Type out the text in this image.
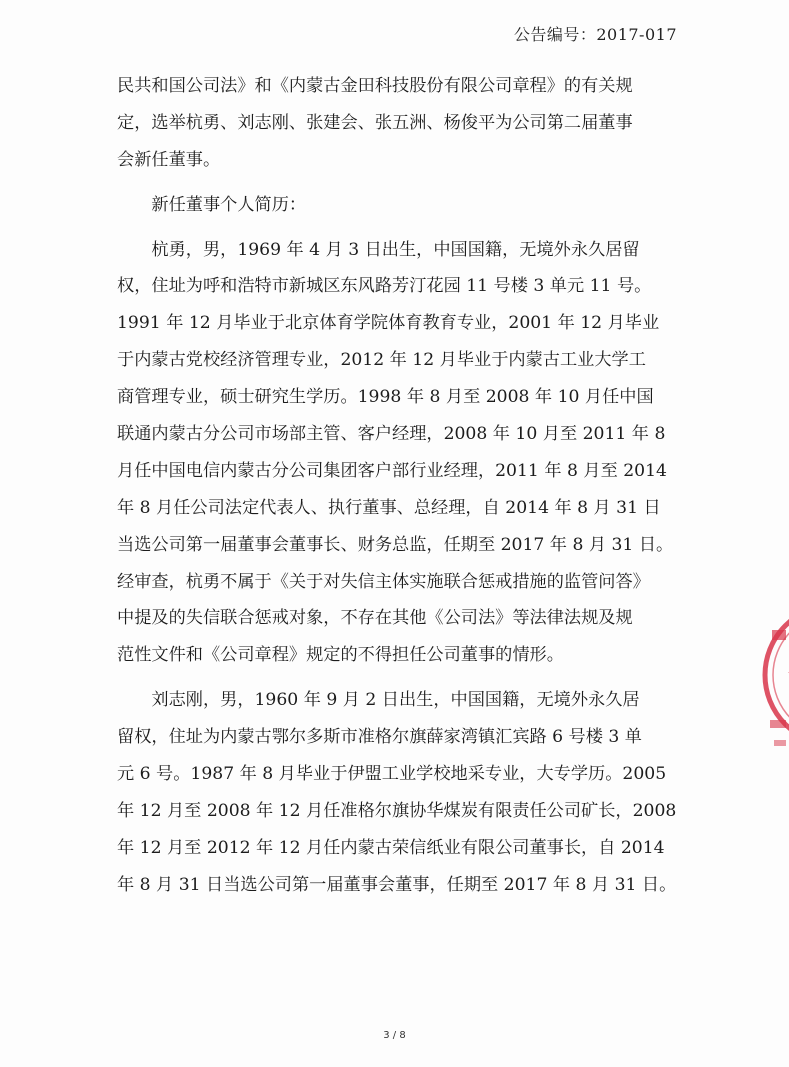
公告编号：2017-017
民共和国公司法》和《内蒙古金田科技股份有限公司章程》的有关规
定，选举杭勇、刘志刚、张建会、张五洲、杨俊平为公司第二届董事
会新任董事。
　　新任董事个人简历：
　　杭勇，男，1969 年 4 月 3 日出生，中国国籍，无境外永久居留
权，住址为呼和浩特市新城区东风路芳汀花园 11 号楼 3 单元 11 号。
1991 年 12 月毕业于北京体育学院体育教育专业，2001 年 12 月毕业
于内蒙古党校经济管理专业，2012 年 12 月毕业于内蒙古工业大学工
商管理专业，硕士研究生学历。1998 年 8 月至 2008 年 10 月任中国
联通内蒙古分公司市场部主管、客户经理，2008 年 10 月至 2011 年 8
月任中国电信内蒙古分公司集团客户部行业经理，2011 年 8 月至 2014
年 8 月任公司法定代表人、执行董事、总经理，自 2014 年 8 月 31 日
当选公司第一届董事会董事长、财务总监，任期至 2017 年 8 月 31 日。
经审查，杭勇不属于《关于对失信主体实施联合惩戒措施的监管问答》
中提及的失信联合惩戒对象，不存在其他《公司法》等法律法规及规
范性文件和《公司章程》规定的不得担任公司董事的情形。
　　刘志刚，男，1960 年 9 月 2 日出生，中国国籍，无境外永久居
留权，住址为内蒙古鄂尔多斯市准格尔旗薛家湾镇汇宾路 6 号楼 3 单
元 6 号。1987 年 8 月毕业于伊盟工业学校地采专业，大专学历。2005
年 12 月至 2008 年 12 月任准格尔旗协华煤炭有限责任公司矿长，2008
年 12 月至 2012 年 12 月任内蒙古荣信纸业有限公司董事长，自 2014
年 8 月 31 日当选公司第一届董事会董事，任期至 2017 年 8 月 31 日。
3 / 8
